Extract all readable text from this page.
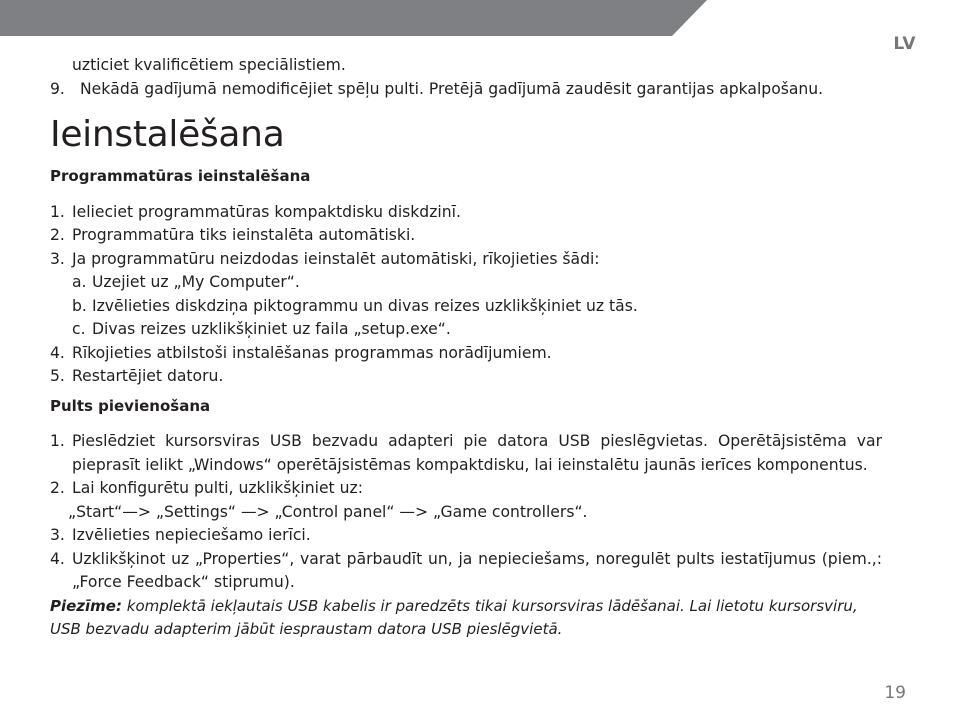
LV

uzticiet kvalificētiem speciālistiem.

9. Nekādā gadījumā nemodificējiet spēļu pulti. Pretējā gadījumā zaudēsit garantijas apkalpošanu.
Ieinstalēšana
Programmatūras ieinstalēšana
1. Ielieciet programmatūras kompaktdisku diskdzinī.
2. Programmatūra tiks ieinstalēta automātiski.
3. Ja programmatūru neizdodas ieinstalēt automātiski, rīkojieties šādi:
a. Uzejiet uz „My Computer“.
b. Izvēlieties diskdziņa piktogrammu un divas reizes uzklikšķiniet uz tās.
c. Divas reizes uzklikšķiniet uz faila „setup.exe“.
4. Rīkojieties atbilstoši instalēšanas programmas norādījumiem.
5. Restartējiet datoru.
Pults pievienošana
1. Pieslēdziet kursorsviras USB bezvadu adapteri pie datora USB pieslēgvietas. Operētājsistēma var pieprasīt ielikt „Windows“ operētājsistēmas kompaktdisku, lai ieinstalētu jaunās ierīces komponentus.
2. Lai konfigurētu pulti, uzklikšķiniet uz:

„Start“—> „Settings“ —> „Control panel“ —> „Game controllers“.

3. Izvēlieties nepieciešamo ierīci.
4. Uzklikšķinot uz „Properties“, varat pārbaudīt un, ja nepieciešams, noregulēt pults iestatījumus (piem.,: „Force Feedback“ stiprumu).

Piezīme: komplektā iekļautais USB kabelis ir paredzēts tikai kursorsviras lādēšanai. Lai lietotu kursorsviru, USB bezvadu adapterim jābūt iespraustam datora USB pieslēgvietā.

19
